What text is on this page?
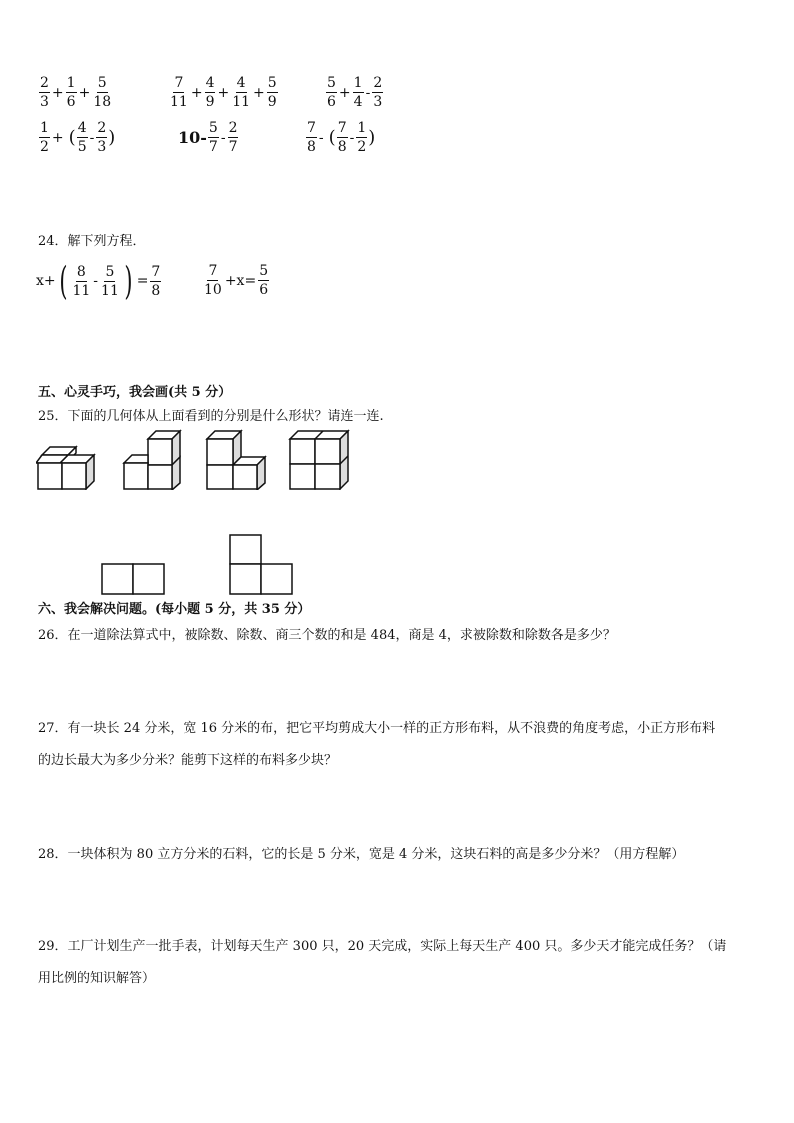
$\frac{2}{3} + \frac{1}{6} + \frac{5}{18}$	$\frac{7}{11} + \frac{4}{9} + \frac{4}{11} + \frac{5}{9}$	$\frac{5}{6} + \frac{1}{4} - \frac{2}{3}$
$\frac{1}{2}$ + ( $\frac{4}{5} - \frac{2}{3}$ )	$10- \frac{5}{7} - \frac{2}{7}$	$\frac{7}{8}$ - ( $\frac{7}{8} - \frac{1}{2}$ )
24．解下列方程．
x+ ( $\frac{8}{11} - \frac{5}{11}$ ) = $\frac{7}{8}$	$\frac{7}{10} +x= \frac{5}{6}$
五、心灵手巧，我会画(共 5 分）
25．下面的几何体从上面看到的分别是什么形状？请连一连.
六、我会解决问题。(每小题 5 分，共 35 分）
26．在一道除法算式中，被除数、除数、商三个数的和是 484，商是 4，求被除数和除数各是多少？
27．有一块长 24 分米，宽 16 分米的布，把它平均剪成大小一样的正方形布料，从不浪费的角度考虑，小正方形布料
的边长最大为多少分米？能剪下这样的布料多少块？
28．一块体积为 80 立方分米的石料，它的长是 5 分米，宽是 4 分米，这块石料的高是多少分米？（用方程解）
29．工厂计划生产一批手表，计划每天生产 300 只，20 天完成，实际上每天生产 400 只。多少天才能完成任务？（请
用比例的知识解答）
